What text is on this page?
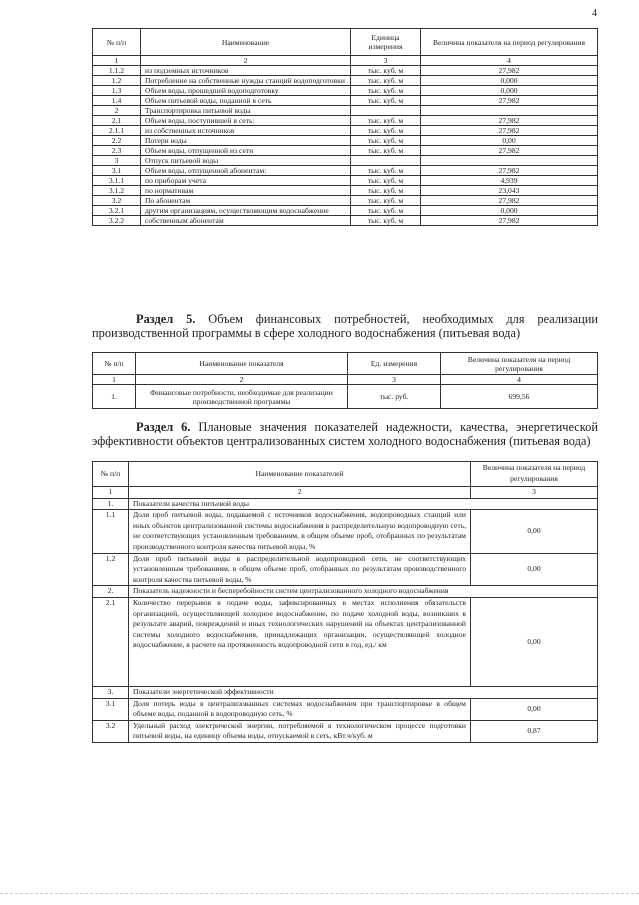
4
№ п/п	Наименование	Единица измерения	Величина показателя на период регулирования
1	2	3	4
1.1.2	из подземных источников	тыс. куб. м	27,982
1.2	Потребление на собственные нужды станций водоподготовки	тыс. куб. м	0,000
1.3	Объем воды, прошедшей водоподготовку	тыс. куб. м	0,000
1.4	Объем питьевой воды, поданной в сеть	тыс. куб. м	27,982
2	Транспортировка питьевой воды		
2.1	Объем воды, поступившей в сеть:	тыс. куб. м	27,982
2.1.1	из собственных источников	тыс. куб. м	27,982
2.2	Потери воды	тыс. куб. м	0,00
2.3	Объем воды, отпущенной из сети	тыс. куб. м	27,982
3	Отпуск питьевой воды		
3.1	Объем воды, отпущенной абонентам:	тыс. куб. м	27,982
3.1.1	по приборам учета	тыс. куб. м	4,939
3.1.2	по нормативам	тыс. куб. м	23,043
3.2	По абонентам	тыс. куб. м	27,982
3.2.1	другим организациям, осуществляющим водоснабжение	тыс. куб. м	0,000
3.2.2	собственным абонентам	тыс. куб. м	27,982
Раздел 5. Объем финансовых потребностей, необходимых для реализации производственной программы в сфере холодного водоснабжения (питьевая вода)
№ п/п	Наименование показателя	Ед. измерения	Величина показателя на период регулирования
1	2	3	4
1.	Финансовые потребности, необходимые для реализации производственной программы	тыс. руб.	699,56
Раздел 6. Плановые значения показателей надежности, качества, энергетической эффективности объектов централизованных систем холодного водоснабжения (питьевая вода)
№ п/п	Наименование показателей	Величина показателя на период регулирования
1	2	3
1.	Показатели качества питьевой воды	
1.1	Доля проб питьевой воды, подаваемой с источников водоснабжения, водопроводных станций или иных объектов централизованной системы водоснабжения в распределительную водопроводную сеть, не соответствующих установленным требованиям, в общем объеме проб, отобранных по результатам производственного контроля качества питьевой воды, %	0,00
1.2	Доля проб питьевой воды в распределительной водопроводной сети, не соответствующих установленным требованиям, в общем объеме проб, отобранных по результатам производственного контроля качества питьевой воды, %	0,00
2.	Показатель надежности и бесперебойности систем централизованного холодного водоснабжения	
2.1	Количество перерывов в подаче воды, зафиксированных в местах исполнения обязательств организацией, осуществляющей холодное водоснабжение, по подаче холодной воды, возникших в результате аварий, повреждений и иных технологических нарушений на объектах централизованной системы холодного водоснабжения, принадлежащих организации, осуществляющей холодное водоснабжение, в расчете на протяженность водопроводной сети в год, ед./ км	0,00
3.	Показатели энергетической эффективности	
3.1	Доля потерь воды в централизованных системах водоснабжения при транспортировке в общем объеме воды, поданной в водопроводную сеть, %	0,00
3.2	Удельный расход электрической энергии, потребляемой в технологическом процессе подготовки питьевой воды, на единицу объема воды, отпускаемой в сеть, кВт.ч/куб. м	0,87
